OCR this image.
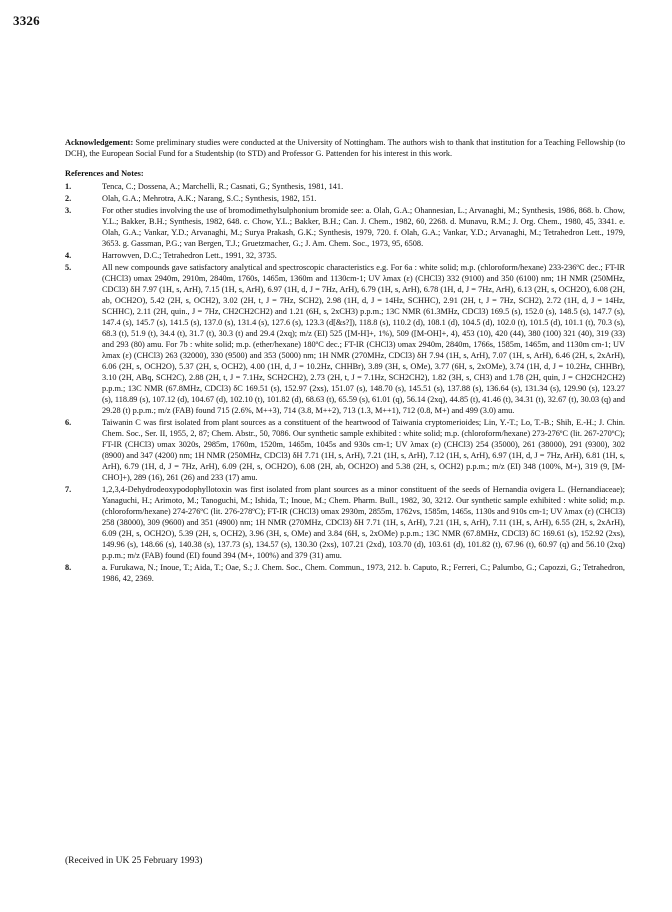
3326

Acknowledgement: Some preliminary studies were conducted at the University of Nottingham. The authors wish to thank that institution for a Teaching Fellowship (to DCH), the European Social Fund for a Studentship (to STD) and Professor G. Pattenden for his interest in this work.

References and Notes:
1.	Tenca, C.; Dossena, A.; Marchelli, R.; Casnati, G.; Synthesis, 1981, 141.
2.	Olah, G.A.; Mehrotra, A.K.; Narang, S.C.; Synthesis, 1982, 151.
3.	For other studies involving the use of bromodimethylsulphonium bromide see: a. Olah, G.A.; Ohannesian, L.; Arvanaghi, M.; Synthesis, 1986, 868. b. Chow, Y.L.; Bakker, B.H.; Synthesis, 1982, 648. c. Chow, Y.L.; Bakker, B.H.; Can. J. Chem., 1982, 60, 2268. d. Munavu, R.M.; J. Org. Chem., 1980, 45, 3341. e. Olah, G.A.; Vankar, Y.D.; Arvanaghi, M.; Surya Prakash, G.K.; Synthesis, 1979, 720. f. Olah, G.A.; Vankar, Y.D.; Arvanaghi, M.; Tetrahedron Lett., 1979, 3653. g. Gassman, P.G.; van Bergen, T.J.; Gruetzmacher, G.; J. Am. Chem. Soc., 1973, 95, 6508.
4.	Harrowven, D.C.; Tetrahedron Lett., 1991, 32, 3735.
5.	All new compounds gave satisfactory analytical and spectroscopic characteristics e.g. For 6a : white solid; m.p. (chloroform/hexane) 233-236ºC dec.; FT-IR (CHCl3) υmax 2940m, 2910m, 2840m, 1760s, 1465m, 1360m and 1130cm-1; UV λmax (ε) (CHCl3) 332 (9100) and 350 (6100) nm; 1H NMR (250MHz, CDCl3) δH 7.97 (1H, s, ArH), 7.15 (1H, s, ArH), 6.97 (1H, d, J = 7Hz, ArH), 6.79 (1H, s, ArH), 6.78 (1H, d, J = 7Hz, ArH), 6.13 (2H, s, OCH2O), 6.08 (2H, ab, OCH2O), 5.42 (2H, s, OCH2), 3.02 (2H, t, J = 7Hz, SCH2), 2.98 (1H, d, J = 14Hz, SCHHC), 2.91 (2H, t, J = 7Hz, SCH2), 2.72 (1H, d, J = 14Hz, SCHHC), 2.11 (2H, quin., J = 7Hz, CH2CH2CH2) and 1.21 (6H, s, 2xCH3) p.p.m.; 13C NMR (61.3MHz, CDCl3) 169.5 (s), 152.0 (s), 148.5 (s), 147.7 (s), 147.4 (s), 145.7 (s), 141.5 (s), 137.0 (s), 131.4 (s), 127.6 (s), 123.3 (d[&s?]), 118.8 (s), 110.2 (d), 108.1 (d), 104.5 (d), 102.0 (t), 101.5 (d), 101.1 (t), 70.3 (s), 68.3 (t), 51.9 (t), 34.4 (t), 31.7 (t), 30.3 (t) and 29.4 (2xq); m/z (EI) 525 ([M-H]+, 1%), 509 ([M-OH]+, 4), 453 (10), 420 (44), 380 (100) 321 (40), 319 (33) and 293 (80) amu. For 7b : white solid; m.p. (ether/hexane) 180ºC dec.; FT-IR (CHCl3) υmax 2940m, 2840m, 1766s, 1585m, 1465m, and 1130m cm-1; UV λmax (ε) (CHCl3) 263 (32000), 330 (9500) and 353 (5000) nm; 1H NMR (270MHz, CDCl3) δH 7.94 (1H, s, ArH), 7.07 (1H, s, ArH), 6.46 (2H, s, 2xArH), 6.06 (2H, s, OCH2O), 5.37 (2H, s, OCH2), 4.00 (1H, d, J = 10.2Hz, CHHBr), 3.89 (3H, s, OMe), 3.77 (6H, s, 2xOMe), 3.74 (1H, d, J = 10.2Hz, CHHBr), 3.10 (2H, ABq, SCH2C), 2.88 (2H, t, J = 7.1Hz, SCH2CH2), 2.73 (2H, t, J = 7.1Hz, SCH2CH2), 1.82 (3H, s, CH3) and 1.78 (2H, quin, J = CH2CH2CH2) p.p.m.; 13C NMR (67.8MHz, CDCl3) δC 169.51 (s), 152.97 (2xs), 151.07 (s), 148.70 (s), 145.51 (s), 137.88 (s), 136.64 (s), 131.34 (s), 129.90 (s), 123.27 (s), 118.89 (s), 107.12 (d), 104.67 (d), 102.10 (t), 101.82 (d), 68.63 (t), 65.59 (s), 61.01 (q), 56.14 (2xq), 44.85 (t), 41.46 (t), 34.31 (t), 32.67 (t), 30.03 (q) and 29.28 (t) p.p.m.; m/z (FAB) found 715 (2.6%, M++3), 714 (3.8, M++2), 713 (1.3, M++1), 712 (0.8, M+) and 499 (3.0) amu.
6.	Taiwanin C was first isolated from plant sources as a constituent of the heartwood of Taiwania cryptomerioides; Lin, Y.-T.; Lo, T.-B.; Shih, E.-H.; J. Chin. Chem. Soc., Ser. II, 1955, 2, 87; Chem. Abstr., 50, 7086. Our synthetic sample exhibited : white solid; m.p. (chloroform/hexane) 273-276ºC (lit. 267-270ºC); FT-IR (CHCl3) υmax 3020s, 2985m, 1760m, 1520m, 1465m, 1045s and 930s cm-1; UV λmax (ε) (CHCl3) 254 (35000), 261 (38000), 291 (9300), 302 (8900) and 347 (4200) nm; 1H NMR (250MHz, CDCl3) δH 7.71 (1H, s, ArH), 7.21 (1H, s, ArH), 7.12 (1H, s, ArH), 6.97 (1H, d, J = 7Hz, ArH), 6.81 (1H, s, ArH), 6.79 (1H, d, J = 7Hz, ArH), 6.09 (2H, s, OCH2O), 6.08 (2H, ab, OCH2O) and 5.38 (2H, s, OCH2) p.p.m.; m/z (EI) 348 (100%, M+), 319 (9, [M-CHO]+), 289 (16), 261 (26) and 233 (17) amu.
7.	1,2,3,4-Dehydrodeoxypodophyllotoxin was first isolated from plant sources as a minor constituent of the seeds of Hernandia ovigera L. (Hernandiaceae); Yanaguchi, H.; Arimoto, M.; Tanoguchi, M.; Ishida, T.; Inoue, M.; Chem. Pharm. Bull., 1982, 30, 3212. Our synthetic sample exhibited : white solid; m.p. (chloroform/hexane) 274-276ºC (lit. 276-278ºC); FT-IR (CHCl3) υmax 2930m, 2855m, 1762vs, 1585m, 1465s, 1130s and 910s cm-1; UV λmax (ε) (CHCl3) 258 (38000), 309 (9600) and 351 (4900) nm; 1H NMR (270MHz, CDCl3) δH 7.71 (1H, s, ArH), 7.21 (1H, s, ArH), 7.11 (1H, s, ArH), 6.55 (2H, s, 2xArH), 6.09 (2H, s, OCH2O), 5.39 (2H, s, OCH2), 3.96 (3H, s, OMe) and 3.84 (6H, s, 2xOMe) p.p.m.; 13C NMR (67.8MHz, CDCl3) δC 169.61 (s), 152.92 (2xs), 149.96 (s), 148.66 (s), 140.38 (s), 137.73 (s), 134.57 (s), 130.30 (2xs), 107.21 (2xd), 103.70 (d), 103.61 (d), 101.82 (t), 67.96 (t), 60.97 (q) and 56.10 (2xq) p.p.m.; m/z (FAB) found (EI) found 394 (M+, 100%) and 379 (31) amu.
8.	a. Furukawa, N.; Inoue, T.; Aida, T.; Oae, S.; J. Chem. Soc., Chem. Commun., 1973, 212. b. Caputo, R.; Ferreri, C.; Palumbo, G.; Capozzi, G.; Tetrahedron, 1986, 42, 2369.
(Received in UK 25 February 1993)
